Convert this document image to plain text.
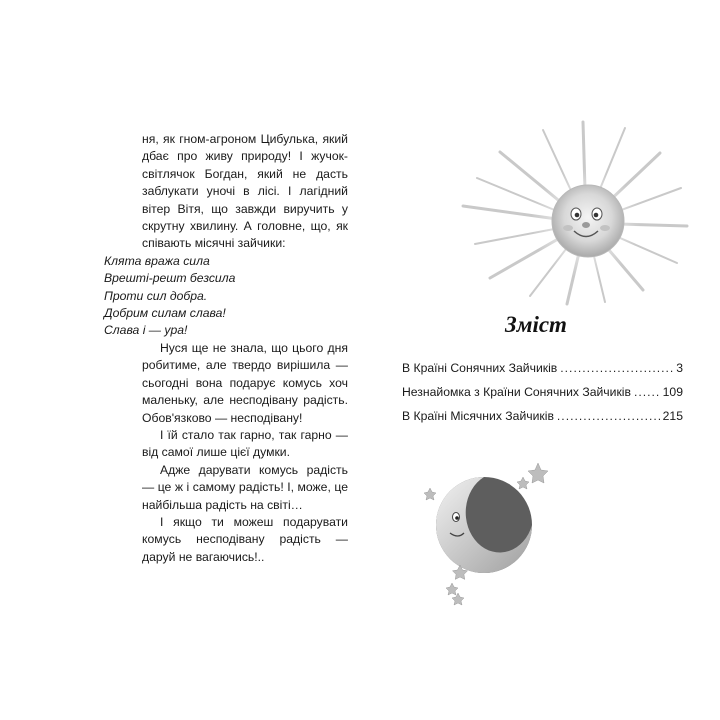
ня, як гном-агроном Цибулька, який дбає про живу природу! І жучок-світлячок Богдан, який не дасть заблукати уночі в лісі. І лагідний вітер Вітя, що завжди виручить у скрутну хвилину. А головне, що, як співають місячні зайчики:

Клята вража сила
Врешті-решт безсила
Проти сил добра.
Добрим силам слава!
Слава і — ура!

Нуся ще не знала, що цього дня робитиме, але твердо вирішила — сьогодні вона подарує комусь хоч маленьку, але несподівану радість. Обов'язково — несподівану!

І їй стало так гарно, так гарно — від самої лише цієї думки.

Адже дарувати комусь радість — це ж і самому радість! І, може, це найбільша радість на світі…

І якщо ти можеш подарувати комусь несподівану радість — даруй не вагаючись!..

Зміст
В Країні Сонячних Зайчиків .....	3
Незнайомка з Країни Сонячних Зайчиків .....	109
В Країні Місячних Зайчиків .....	215
